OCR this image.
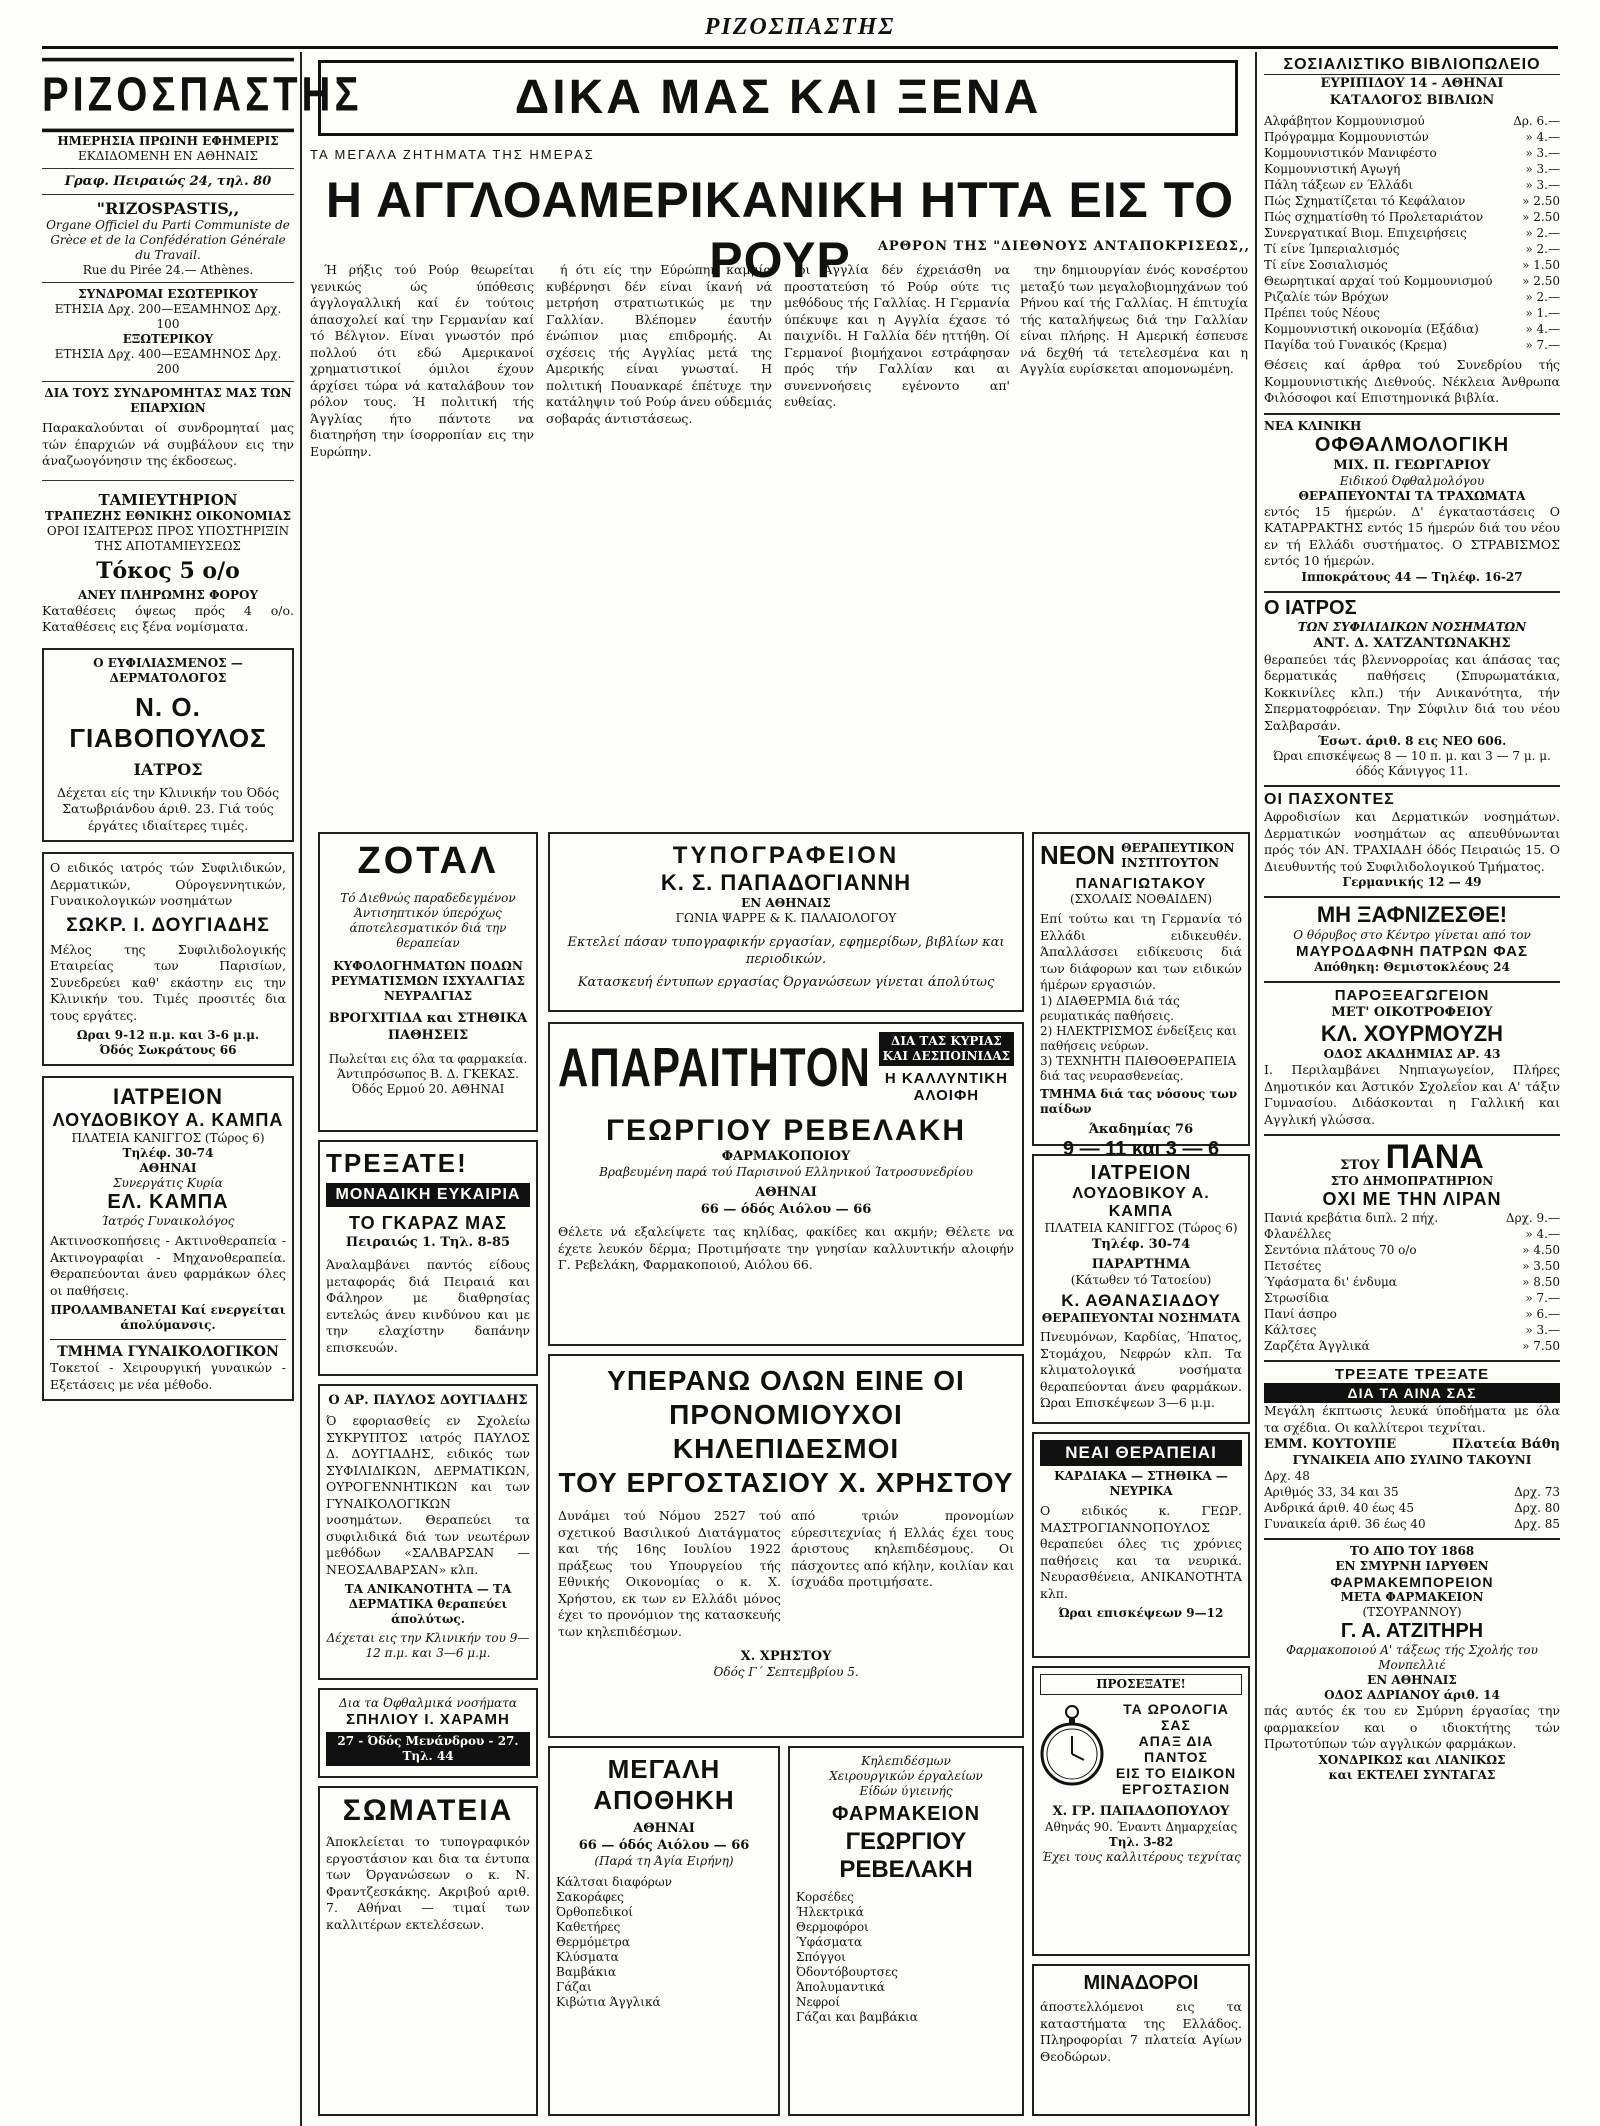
ΡΙΖΟΣΠΑΣΤΗΣ
ΡΙΖΟΣΠΑΣΤΗΣ
ΗΜΕΡΗΣΙΑ ΠΡΩΙΝΗ ΕΦΗΜΕΡΙΣ
ΕΚΔΙΔΟΜΕΝΗ ΕΝ ΑΘΗΝΑΙΣ
Γραφ. Πειραιώς 24, τηλ. 80
"RIZOSPASTIS,,
Organe Officiel du Parti Communiste de Grèce et de la Confédération Générale du Travail.
Rue du Pirée 24.— Athènes.
ΣΥΝΔΡΟΜΑΙ ΕΣΩΤΕΡΙΚΟΥ
ΕΤΗΣΙΑ Δρχ. 200—ΕΞΑΜΗΝΟΣ Δρχ. 100
ΕΞΩΤΕΡΙΚΟΥ
ΕΤΗΣΙΑ Δρχ. 400—ΕΞΑΜΗΝΟΣ Δρχ. 200
ΔΙΑ ΤΟΥΣ ΣΥΝΔΡΟΜΗΤΑΣ ΜΑΣ ΤΩΝ ΕΠΑΡΧΙΩΝ
Παρακαλούνται οί συνδρομηταί μας τών έπαρχιών νά συμβάλουν εις την άναζωογόνησιν της έκδοσεως.
ΤΑΜΙΕΥΤΗΡΙΟΝ
ΤΡΑΠΕΖΗΣ ΕΘΝΙΚΗΣ ΟΙΚΟΝΟΜΙΑΣ
ΟΡΟΙ ΙΣΑΙΤΕΡΩΣ ΠΡΟΣ ΥΠΟΣΤΗΡΙΞΙΝ ΤΗΣ ΑΠΟΤΑΜΙΕΥΣΕΩΣ
Τόκος 5 ο/ο
ΑΝΕΥ ΠΛΗΡΩΜΗΣ ΦΟΡΟΥ
Καταθέσεις όψεως πρός 4 ο/ο. Καταθέσεις εις ξένα νομίσματα.
Ο ΕΥΦΙΛΙΑΣΜΕΝΟΣ — ΔΕΡΜΑΤΟΛΟΓΟΣ
Ν. Ο. ΓΙΑΒΟΠΟΥΛΟΣ
ΙΑΤΡΟΣ
Δέχεται είς την Κλινικήν του Όδός Σατωβριάνδου άριθ. 23. Γιά τούς έργάτες ιδιαίτερες τιμές.
Ο ειδικός ιατρός τών Συφιλιδικών, Δερματικών, Ούρογεννητικών, Γυναικολογικών νοσημάτων
ΣΩΚΡ. Ι. ΔΟΥΓΙΑΔΗΣ
Μέλος της Συφιλιδολογικής Εταιρείας των Παρισίων, Συνεδρεύει καθ' εκάστην εις την Κλινικήν του. Τιμές προσιτές δια τους εργάτες.
Ωραι 9-12 π.μ. και 3-6 μ.μ.
Όδός Σωκράτους 66
ΙΑΤΡΕΙΟΝ
ΛΟΥΔΟΒΙΚΟΥ Α. ΚΑΜΠΑ
ΠΛΑΤΕΙΑ ΚΑΝΙΓΓΟΣ (Τώρος 6)
Τηλέφ. 30-74
ΑΘΗΝΑΙ
Συνεργάτις Κυρία
ΕΛ. ΚΑΜΠΑ
Ίατρός Γυναικολόγος
Ακτινοσκοπήσεις - Ακτινοθεραπεία - Ακτινογραφίαι - Μηχανοθεραπεία. Θεραπεύονται άνευ φαρμάκων όλες οι παθήσεις.
ΠΡΟΛΑΜΒΑΝΕΤΑΙ Καί ενεργείται άπολύμανσις.
ΤΜΗΜΑ ΓΥΝΑΙΚΟΛΟΓΙΚΟΝ
Τοκετοί - Χειρουργική γυναικών - Εξετάσεις με νέα μέθοδο.
ΔΙΚΑ ΜΑΣ ΚΑΙ ΞΕΝΑ
ΤΑ ΜΕΓΑΛΑ ΖΗΤΗΜΑΤΑ ΤΗΣ ΗΜΕΡΑΣ
Η ΑΓΓΛΟΑΜΕΡΙΚΑΝΙΚΗ ΗΤΤΑ ΕΙΣ ΤΟ ΡΟΥΡ	ΑΡΘΡΟΝ ΤΗΣ "ΔΙΕΘΝΟΥΣ ΑΝΤΑΠΟΚΡΙΣΕΩΣ,,

Ή ρήξις τού Ρούρ θεωρείται γενικώς ώς ύπόθεσις άγγλογαλλική καί έν τούτοις άπασχολεί καί την Γερμανίαν καί τό Βέλγιον. Είναι γνωστόν πρό πολλού ότι εδώ Αμερικανοί χρηματιστικοί όμιλοι έχουν άρχίσει τώρα νά καταλάβουν τον ρόλον τους. Ή πολιτική τής Άγγλίας ήτο πάντοτε να διατηρήση την ίσορροπίαν εις την Ευρώπην.

ή ότι είς την Εύρώπην καμμία κυβέρνησι δέν είναι ίκανή νά μετρήση στρατιωτικώς με την Γαλλίαν. Βλέπομεν έαυτήν ένώπιον μιας επιδρομής. Αι σχέσεις τής Αγγλίας μετά της Αμερικής είναι γνωσταί. Η πολιτική Πουανκαρέ έπέτυχε την κατάληψιν τού Ρούρ άνευ ούδεμιάς σοβαράς άντιστάσεως.

οι Άγγλία δέν έχρειάσθη να προστατεύση τό Ρούρ ούτε τις μεθόδους τής Γαλλίας. Η Γερμανία ύπέκυψε και η Αγγλία έχασε τό παιχνίδι. Η Γαλλία δέν ηττήθη. Οί Γερμανοί βιομήχανοι εστράφησαν πρός τήν Γαλλίαν και αι συνεννοήσεις εγένοντο απ' ευθείας.

την δημιουργίαν ένός κονσέρτου μεταξύ των μεγαλοβιομηχάνων τού Ρήνου καί τής Γαλλίας. Η έπιτυχία τής καταλήψεως διά την Γαλλίαν είναι πλήρης. Η Αμερική έσπευσε νά δεχθή τά τετελεσμένα και η Αγγλία ευρίσκεται απομονωμένη.

ΖΟΤΑΛ
Τό Διεθνώς παραδεδεγμένον Άντισηπτικόν ύπερόχως άποτελεσματικόν διά την θεραπείαν
ΚΥΦΟΛΟΓΗΜΑΤΩΝ ΠΟΔΩΝ ΡΕΥΜΑΤΙΣΜΩΝ ΙΣΧΥΑΛΓΙΑΣ ΝΕΥΡΑΛΓΙΑΣ
ΒΡΟΓΧΙΤΙΔΑ και ΣΤΗΘΙΚΑ ΠΑΘΗΣΕΙΣ
Πωλείται εις όλα τα φαρμακεία. Άντιπρόσωπος Β. Δ. ΓΚΕΚΑΣ. Όδός Ερμού 20. ΑΘΗΝΑΙ
ΤΡΕΞΑΤΕ!
ΜΟΝΑΔΙΚΗ ΕΥΚΑΙΡΙΑ
ΤΟ ΓΚΑΡΑΖ ΜΑΣ
Πειραιώς 1. Τηλ. 8-85
Άναλαμβάνει παντός είδους μεταφοράς διά Πειραιά και Φάληρον με διαθρησίας εντελώς άνευ κινδύνου και με την ελαχίστην δαπάνην επισκευών.
Ο ΑΡ. ΠΑΥΛΟΣ ΔΟΥΓΙΑΔΗΣ
Ό εφοριασθείς εν Σχολείω ΣΥΚΡΥΠΤΟΣ ιατρός ΠΑΥΛΟΣ Δ. ΔΟΥΓΙΑΔΗΣ, ειδικός των ΣΥΦΙΛΙΔΙΚΩΝ, ΔΕΡΜΑΤΙΚΩΝ, ΟΥΡΟΓΕΝΝΗΤΙΚΩΝ και των ΓΥΝΑΙΚΟΛΟΓΙΚΩΝ νοσημάτων. Θεραπεύει τα συφιλιδικά διά των νεωτέρων μεθόδων «ΣΑΛΒΑΡΣΑΝ — ΝΕΟΣΑΛΒΑΡΣΑΝ» κλπ.
ΤΑ ΑΝΙΚΑΝΟΤΗΤΑ — ΤΑ ΔΕΡΜΑΤΙΚΑ θεραπεύει άπολύτως.
Δέχεται εις την Κλινικήν του 9—12 π.μ. και 3—6 μ.μ.
Δια τα Όφθαλμικά νοσήματα
ΣΠΗΛΙΟΥ Ι. ΧΑΡΑΜΗ
27 - Όδός Μενάνδρου - 27. Τηλ. 44
ΣΩΜΑΤΕΙΑ
Άποκλείεται το τυπογραφικόν εργοστάσιον και δια τα έντυπα των Όργανώσεων ο κ. Ν. Φραντζεσκάκης. Ακριβού αριθ. 7. Αθήναι — τιμαί των καλλιτέρων εκτελέσεων.
ΤΥΠΟΓΡΑΦΕΙΟΝ
Κ. Σ. ΠΑΠΑΔΟΓΙΑΝΝΗ
ΕΝ ΑΘΗΝΑΙΣ
ΓΩΝΙΑ ΨΑΡΡΕ & Κ. ΠΑΛΑΙΟΛΟΓΟΥ
Εκτελεί πάσαν τυπογραφικήν εργασίαν, εφημερίδων, βιβλίων και περιοδικών.
Κατασκευή έντυπων εργασίας Όργανώσεων γίνεται άπολύτως
ΑΠΑΡΑΙΤΗΤΟΝ	ΔΙΑ ΤΑΣ ΚΥΡΙΑΣ ΚΑΙ ΔΕΣΠΟΙΝΙΔΑΣ
Η ΚΑΛΛΥΝΤΙΚΗ ΑΛΟΙΦΗ
ΓΕΩΡΓΙΟΥ ΡΕΒΕΛΑΚΗ
ΦΑΡΜΑΚΟΠΟΙΟΥ
Βραβευμένη παρά τού Παρισινού Ελληνικού Ίατροσυνεδρίου
ΑΘΗΝΑΙ
66 — όδός Αιόλου — 66
Θέλετε νά εξαλείψετε τας κηλίδας, φακίδες και ακμήν; Θέλετε να έχετε λευκόν δέρμα; Προτιμήσατε την γνησίαν καλλυντικήν αλοιφήν Γ. Ρεβελάκη, Φαρμακοποιού, Αιόλου 66.
ΥΠΕΡΑΝΩ ΟΛΩΝ ΕΙΝΕ ΟΙ
ΠΡΟΝΟΜΙΟΥΧΟΙ ΚΗΛΕΠΙΔΕΣΜΟΙ
ΤΟΥ ΕΡΓΟΣΤΑΣΙΟΥ Χ. ΧΡΗΣΤΟΥ
Δυνάμει τού Νόμου 2527 τού σχετικού Βασιλικού Διατάγματος και τής 16ης Ιουλίου 1922 πράξεως του Υπουργείου τής Εθνικής Οικονομίας ο κ. Χ. Χρήστου, εκ των εν Ελλάδι μόνος έχει το προνόμιον της κατασκευής των κηλεπιδέσμων.
από τριών προνομίων εύρεσιτεχνίας ή Ελλάς έχει τους άριστους κηλεπιδέσμους. Οι πάσχοντες από κήλην, κοιλίαν και ίσχυάδα προτιμήσατε.
Χ. ΧΡΗΣΤΟΥ
Όδός Γ΄ Σεπτεμβρίου 5.
ΜΕΓΑΛΗ ΑΠΟΘΗΚΗ
ΑΘΗΝΑΙ
66 — όδός Αιόλου — 66
(Παρά τη Άγία Ειρήνη)
Κάλτσαι διαφόρων
Σακοράφες
Όρθοπεδικοί
Καθετήρες
Θερμόμετρα
Κλύσματα
Βαμβάκια
Γάζαι
Κιβώτια Άγγλικά
Κηλεπιδέσμων
Χειρουργικών έργαλείων
Είδών ύγιεινής
ΦΑΡΜΑΚΕΙΟΝ
ΓΕΩΡΓΙΟΥ ΡΕΒΕΛΑΚΗ
Κορσέδες
Ήλεκτρικά
Θερμοφόροι
Ύφάσματα
Σπόγγοι
Όδοντόβουρτσες
Άπολυμαντικά
Νεφροί
Γάζαι και βαμβάκια
ΝΕΟΝ ΘΕΡΑΠΕΥΤΙΚΟΝ ΙΝΣΤΙΤΟΥΤΟΝ
ΠΑΝΑΓΙΩΤΑΚΟΥ
(ΣΧΟΛΑΙΣ ΝΟΘΑΙΔΕΝ)
Επί τούτω και τη Γερμανία τό Ελλάδι ειδικευθέν. Άπαλλάσσει ειδίκευσις διά των διάφορων και των ειδικών ήμέρων εργασιών.
1) ΔΙΑΘΕΡΜΙΑ διά τάς ρευματικάς παθήσεις.
2) ΗΛΕΚΤΡΙΣΜΟΣ ένδείξεις και παθήσεις νεύρων.
3) ΤΕΧΝΗΤΗ ΠΑΙΘΟΘΕΡΑΠΕΙΑ διά τας νευρασθενείας.
ΤΜΗΜΑ διά τας νόσους των παίδων
Άκαδημίας 76
9 — 11 και 3 — 6
ΙΑΤΡΕΙΟΝ
ΛΟΥΔΟΒΙΚΟΥ Α. ΚΑΜΠΑ
ΠΛΑΤΕΙΑ ΚΑΝΙΓΓΟΣ (Τώρος 6)
Τηλέφ. 30-74
ΠΑΡΑΡΤΗΜΑ
(Κάτωθεν τό Τατοείου)
Κ. ΑΘΑΝΑΣΙΑΔΟΥ
ΘΕΡΑΠΕΥΟΝΤΑΙ ΝΟΣΗΜΑΤΑ
Πνευμόνων, Καρδίας, Ήπατος, Στομάχου, Νεφρών κλπ. Τα κλιματολογικά νοσήματα θεραπεύονται άνευ φαρμάκων. Ώραι Επισκέψεων 3—6 μ.μ.
ΝΕΑΙ ΘΕΡΑΠΕΙΑΙ
ΚΑΡΔΙΑΚΑ — ΣΤΗΘΙΚΑ — ΝΕΥΡΙΚΑ
Ο ειδικός κ. ΓΕΩΡ. ΜΑΣΤΡΟΓΙΑΝΝΟΠΟΥΛΟΣ θεραπεύει όλες τις χρόνιες παθήσεις και τα νευρικά. Νευρασθένεια, ΑΝΙΚΑΝΟΤΗΤΑ κλπ.
Ώραι επισκέψεων 9—12
ΠΡΟΣΕΞΑΤΕ!
ΤΑ ΩΡΟΛΟΓΙΑ ΣΑΣ
ΑΠΑΞ ΔΙΑ ΠΑΝΤΟΣ
ΕΙΣ ΤΟ ΕΙΔΙΚΟΝ
ΕΡΓΟΣΤΑΣΙΟΝ
Χ. ΓΡ. ΠΑΠΑΔΟΠΟΥΛΟΥ
Αθηνάς 90. Έναντι Δημαρχείας
Τηλ. 3-82
Έχει τους καλλιτέρους τεχνίτας
ΜΙΝΑΔΟΡΟΙ
άποστελλόμενοι εις τα καταστήματα της Ελλάδος. Πληροφορίαι 7 πλατεία Αγίων Θεοδώρων.
ΣΟΣΙΑΛΙΣΤΙΚΟ ΒΙΒΛΙΟΠΩΛΕΙΟ
ΕΥΡΙΠΙΔΟΥ 14 - ΑΘΗΝΑΙ
ΚΑΤΑΛΟΓΟΣ ΒΙΒΛΙΩΝ
Αλφάβητον Κομμουνισμού	Δρ. 6.—
Πρόγραμμα Κομμουνιστών	» 4.—
Κομμουνιστικόν Μανιφέστο	» 3.—
Κομμουνιστική Αγωγή	» 3.—
Πάλη τάξεων εν Έλλάδι	» 3.—
Πώς Σχηματίζεται τό Κεφάλαιον	» 2.50
Πώς σχηματίσθη τό Προλεταριάτον	» 2.50
Συνεργατικαί Βιομ. Επιχειρήσεις	» 2.—
Τί είνε Ίμπεριαλισμός	» 2.—
Τί είνε Σοσιαλισμός	» 1.50
Θεωρητικαί αρχαί τού Κομμουνισμού » 2.50
Ριζαλίε τών Βρόχων	» 2.—
Πρέπει τούς Νέους	» 1.—
Κομμουνιστική οικονομία (Εξάδια)	» 4.—
Παγίδα τού Γυναικός (Κρεμα)	» 7.—
Θέσεις καί άρθρα τού Συνεδρίου τής Κομμουνιστικής Διεθνούς. Νέκλεια Άνθρωπα Φιλόσοφοι καί Επιστημονικά βιβλία.
ΝΕΑ ΚΛΙΝΙΚΗ
ΟΦΘΑΛΜΟΛΟΓΙΚΗ
ΜΙΧ. Π. ΓΕΩΡΓΑΡΙΟΥ
Ειδικού Όφθαλμολόγου
ΘΕΡΑΠΕΥΟΝΤΑΙ ΤΑ ΤΡΑΧΩΜΑΤΑ
εντός 15 ήμερών. Δ' έγκαταστάσεις Ο ΚΑΤΑΡΡΑΚΤΗΣ εντός 15 ήμερών διά του νέου εν τή Ελλάδι συστήματος. Ο ΣΤΡΑΒΙΣΜΟΣ εντός 10 ήμερών.
Ιπποκράτους 44 — Τηλέφ. 16-27
Ο ΙΑΤΡΟΣ
ΤΩΝ ΣΥΦΙΛΙΔΙΚΩΝ ΝΟΣΗΜΑΤΩΝ
ΑΝΤ. Δ. ΧΑΤΖΑΝΤΩΝΑΚΗΣ
θεραπεύει τάς βλεννορροίας και άπάσας τας δερματικάς παθήσεις (Σπυρωματάκια, Κοκκινίλες κλπ.) τήν Ανικανότητα, τήν Σπερματοφρόειαν. Την Σύφιλιν διά του νέου Σαλβαρσάν.
Έσωτ. άριθ. 8 εις ΝΕΟ 606.
Ώραι επισκέψεως 8 — 10 π. μ. και 3 — 7 μ. μ. όδός Κάνιγγος 11.
ΟΙ ΠΑΣΧΟΝΤΕΣ
Αφροδισίων και Δερματικών νοσημάτων. Δερματικών νοσημάτων ας απευθύνωνται πρός τόν ΑΝ. ΤΡΑΧΙΑΔΗ όδός Πειραιώς 15. Ο Διευθυντής τού Συφιλιδολογικού Τμήματος.
Γερμανικής 12 — 49
ΜΗ ΞΑΦΝΙΖΕΣΘΕ!
Ο θόρυβος στο Κέντρο γίνεται από τον
ΜΑΥΡΟΔΑΦΝΗ ΠΑΤΡΩΝ ΦΑΣ
Απόθηκη: Θεμιστοκλέους 24
ΠΑΡΟΞΕΑΓΩΓΕΙΟΝ
ΜΕΤ' ΟΙΚΟΤΡΟΦΕΙΟΥ
ΚΛ. ΧΟΥΡΜΟΥΖΗ
ΟΔΟΣ ΑΚΑΔΗΜΙΑΣ ΑΡ. 43
Ι. Περιλαμβάνει Νηπιαγωγείον, Πλήρες Δημοτικόν και Άστικόν Σχολεΐον και Α' τάξιν Γυμνασίου. Διδάσκονται η Γαλλική και Αγγλική γλώσσα.
ΣΤΟΥ ΠΑΝΑ
ΣΤΟ ΔΗΜΟΠΡΑΤΗΡΙΟΝ
ΟΧΙ ΜΕ ΤΗΝ ΛΙΡΑΝ
Πανιά κρεβάτια διπλ. 2 πήχ.	Δρχ. 9.—
Φλανέλλες	» 4.—
Σεντόνια πλάτους 70 ο/ο	» 4.50
Πετσέτες	» 3.50
Ύφάσματα δι' ένδυμα	» 8.50
Στρωσίδια	» 7.—
Πανί άσπρο	» 6.—
Κάλτσες	» 3.—
Ζαρζέτα Άγγλικά	» 7.50
ΤΡΕΞΑΤΕ ΤΡΕΞΑΤΕ
ΔΙΑ ΤΑ ΑΙΝΑ ΣΑΣ
Μεγάλη έκπτωσις λευκά ύποδήματα με όλα τα σχέδια. Οι καλλίτεροι τεχνίται.
ΕΜΜ. ΚΟΥΤΟΥΠΕ	Πλατεία Βάθη
ΓΥΝΑΙΚΕΙΑ ΑΠΟ ΣΥΛΙΝΟ ΤΑΚΟΥΝΙ
Δρχ. 48
Αριθμός 33, 34 και 35	Δρχ. 73
Ανδρικά άριθ. 40 έως 45	Δρχ. 80
Γυναικεία άριθ. 36 έως 40	Δρχ. 85
ΤΟ ΑΠΟ ΤΟΥ 1868
ΕΝ ΣΜΥΡΝΗ ΙΔΡΥΘΕΝ
ΦΑΡΜΑΚΕΜΠΟΡΕΙΟΝ
ΜΕΤΑ ΦΑΡΜΑΚΕΙΟΝ
(ΤΣΟΥΡΑΝΝΟΥ)
Γ. Α. ΑΤΖΙΤΗΡΗ
Φαρμακοποιού Α' τάξεως τής Σχολής του Μονπελλιέ
ΕΝ ΑΘΗΝΑΙΣ
ΟΔΟΣ ΑΔΡΙΑΝΟΥ άριθ. 14
πάς αυτός έκ του εν Σμύρνη έργασίας την φαρμακείον και ο ιδιοκτήτης τών Πρωτοτύπων τών αγγλικών φαρμάκων.
ΧΟΝΔΡΙΚΩΣ και ΛΙΑΝΙΚΩΣ
και ΕΚΤΕΛΕΙ ΣΥΝΤΑΓΑΣ
